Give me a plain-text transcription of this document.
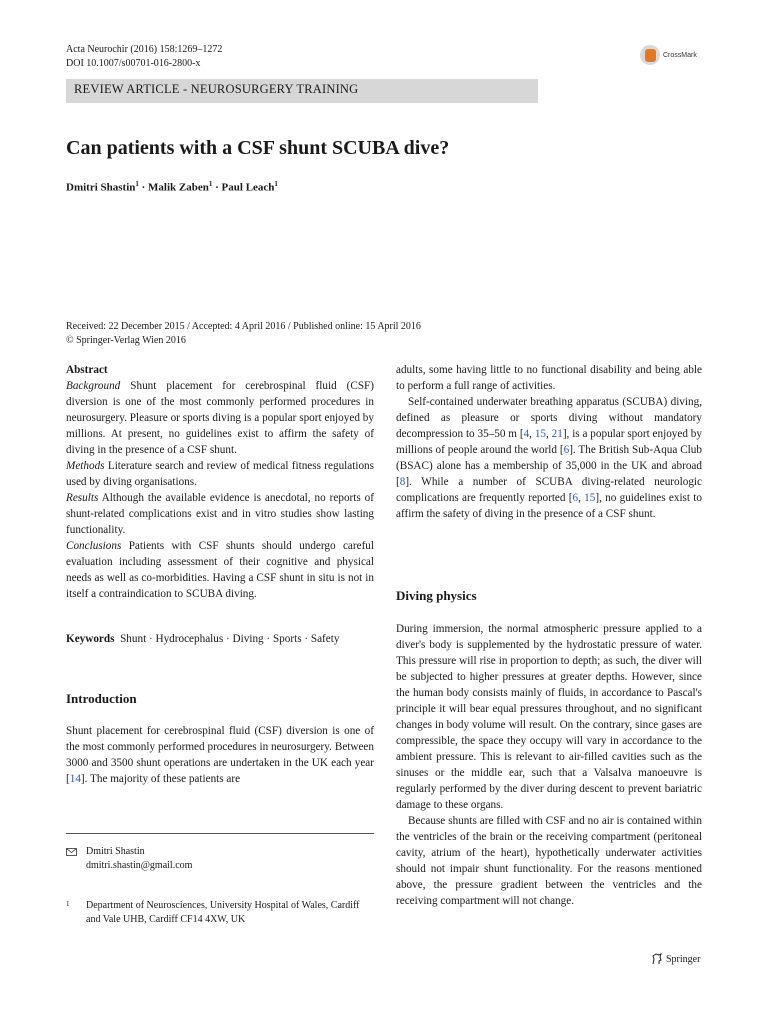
Acta Neurochir (2016) 158:1269–1272
DOI 10.1007/s00701-016-2800-x
CrossMark
REVIEW ARTICLE - NEUROSURGERY TRAINING
Can patients with a CSF shunt SCUBA dive?
Dmitri Shastin$^1$ · Malik Zaben$^1$ · Paul Leach$^1$
Received: 22 December 2015 / Accepted: 4 April 2016 / Published online: 15 April 2016
© Springer-Verlag Wien 2016

Abstract

Background Shunt placement for cerebrospinal fluid (CSF) diversion is one of the most commonly performed procedures in neurosurgery. Pleasure or sports diving is a popular sport enjoyed by millions. At present, no guidelines exist to affirm the safety of diving in the presence of a CSF shunt.

Methods Literature search and review of medical fitness regulations used by diving organisations.

Results Although the available evidence is anecdotal, no reports of shunt-related complications exist and in vitro studies show lasting functionality.

Conclusions Patients with CSF shunts should undergo careful evaluation including assessment of their cognitive and physical needs as well as co-morbidities. Having a CSF shunt in situ is not in itself a contraindication to SCUBA diving.

Keywords Shunt · Hydrocephalus · Diving · Sports · Safety
Introduction

Shunt placement for cerebrospinal fluid (CSF) diversion is one of the most commonly performed procedures in neurosurgery. Between 3000 and 3500 shunt operations are undertaken in the UK each year [14]. The majority of these patients are

Dmitri Shastin
dmitri.shastin@gmail.com
1 Department of Neurosciences, University Hospital of Wales, Cardiff and Vale UHB, Cardiff CF14 4XW, UK

adults, some having little to no functional disability and being able to perform a full range of activities.

Self-contained underwater breathing apparatus (SCUBA) diving, defined as pleasure or sports diving without mandatory decompression to 35–50 m [4, 15, 21], is a popular sport enjoyed by millions of people around the world [6]. The British Sub-Aqua Club (BSAC) alone has a membership of 35,000 in the UK and abroad [8]. While a number of SCUBA diving-related neurologic complications are frequently reported [6, 15], no guidelines exist to affirm the safety of diving in the presence of a CSF shunt.

Diving physics

During immersion, the normal atmospheric pressure applied to a diver's body is supplemented by the hydrostatic pressure of water. This pressure will rise in proportion to depth; as such, the diver will be subjected to higher pressures at greater depths. However, since the human body consists mainly of fluids, in accordance to Pascal's principle it will bear equal pressures throughout, and no significant changes in body volume will result. On the contrary, since gases are compressible, the space they occupy will vary in accordance to the ambient pressure. This is relevant to air-filled cavities such as the sinuses or the middle ear, such that a Valsalva manoeuvre is regularly performed by the diver during descent to prevent bariatric damage to these organs.

Because shunts are filled with CSF and no air is contained within the ventricles of the brain or the receiving compartment (peritoneal cavity, atrium of the heart), hypothetically underwater activities should not impair shunt functionality. For the reasons mentioned above, the pressure gradient between the ventricles and the receiving compartment will not change.

Springer
